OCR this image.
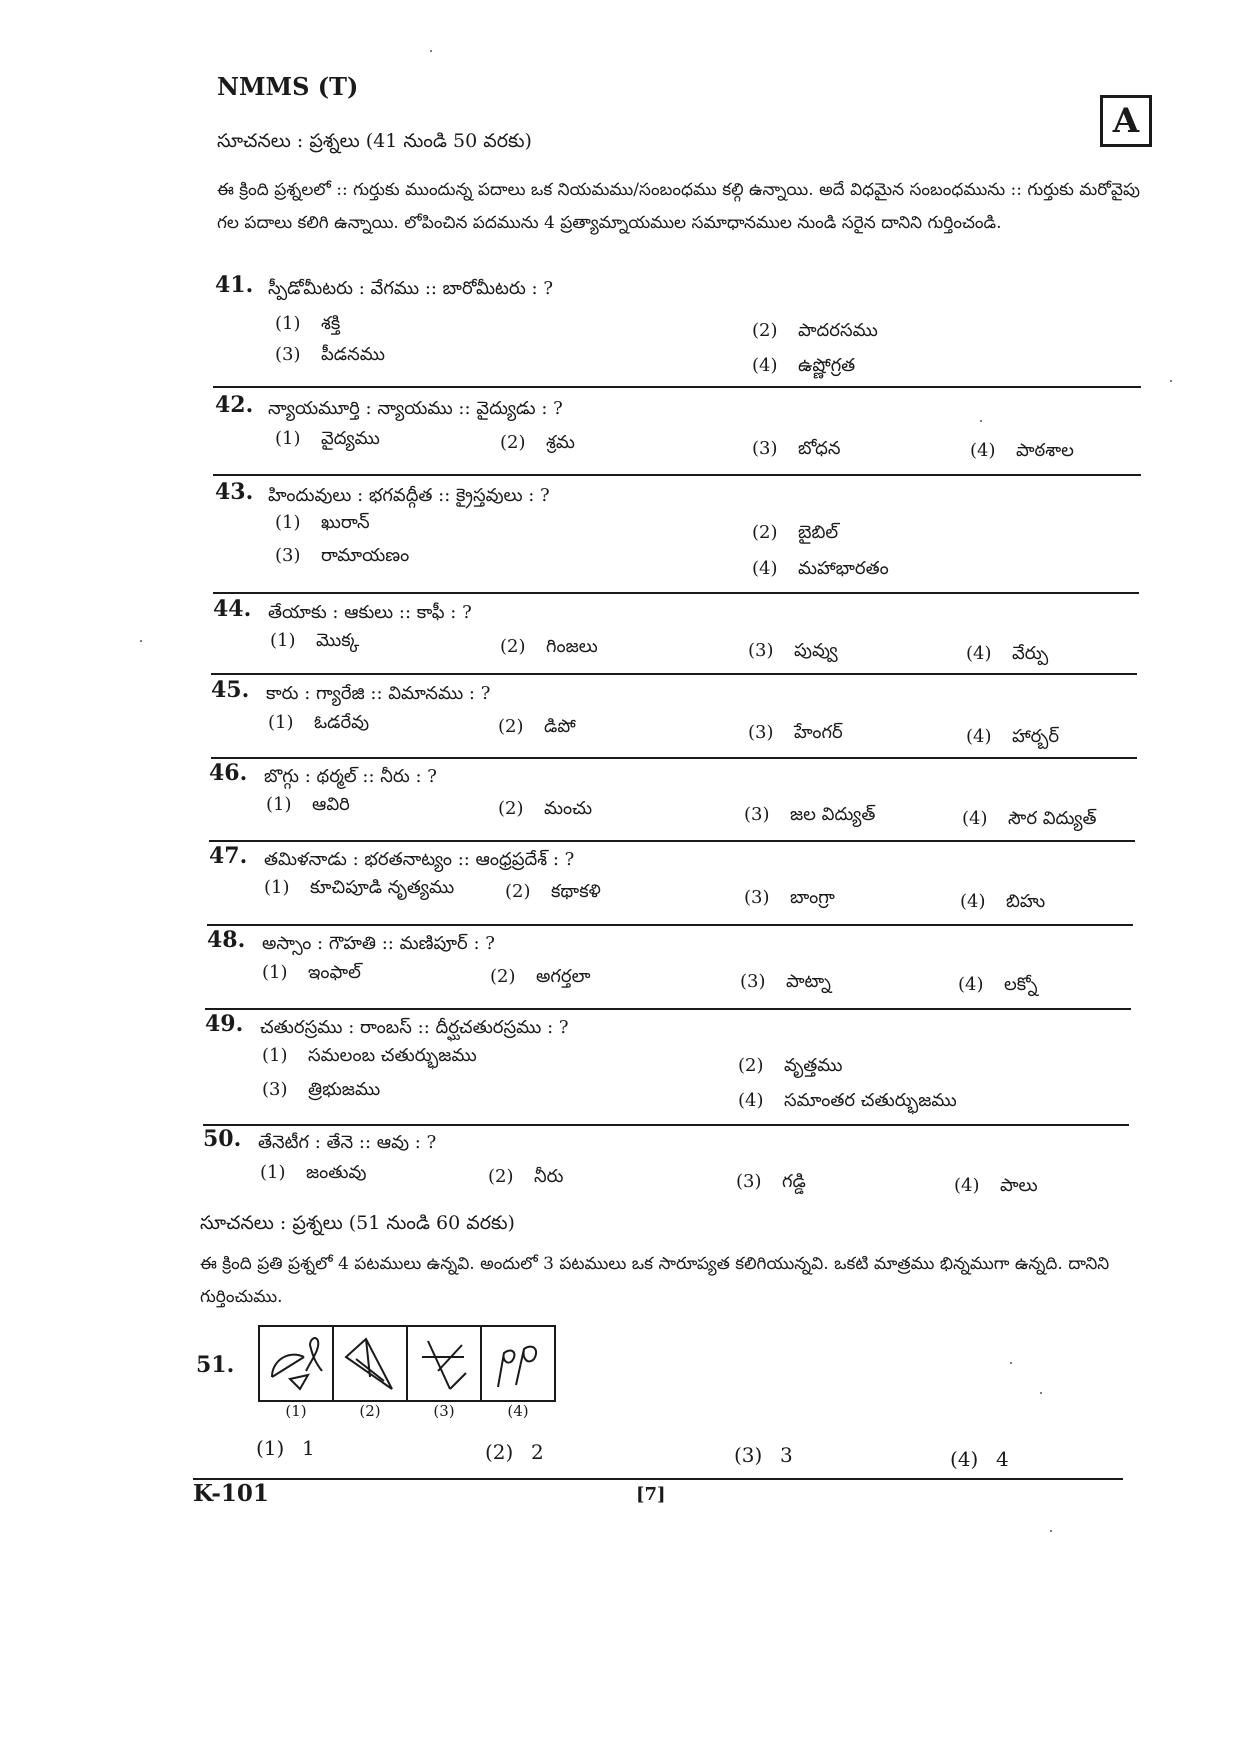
NMMS (T)
A
సూచనలు : ప్రశ్నలు (41 నుండి 50 వరకు)
ఈ క్రింది ప్రశ్నలలో :: గుర్తుకు ముందున్న పదాలు ఒక నియమము/సంబంధము కల్గి ఉన్నాయి. అదే విధమైన సంబంధమును :: గుర్తుకు మరోవైపు గల పదాలు కలిగి ఉన్నాయి. లోపించిన పదమును 4 ప్రత్యామ్నాయముల సమాధానముల నుండి సరైన దానిని గుర్తించండి.
41. స్పీడోమీటరు : వేగము :: బారోమీటరు : ?
(1) శక్తి	(2) పాదరసము
(3) పీడనము
(4) ఉష్ణోగ్రత
42. న్యాయమూర్తి : న్యాయము :: వైద్యుడు : ?
(1) వైద్యము	(2) శ్రమ	(3) బోధన	(4) పాఠశాల
43. హిందువులు : భగవద్గీత :: క్రైస్తవులు : ?
(1) ఖురాన్	(2) బైబిల్
(3) రామాయణం
(4) మహాభారతం
44. తేయాకు : ఆకులు :: కాఫీ : ?
(1) మొక్క	(2) గింజలు	(3) పువ్వు	(4) వేర్పు
45. కారు : గ్యారేజి :: విమానము : ?
(1) ఓడరేవు	(2) డిపో	(3) హేంగర్	(4) హార్బర్
46. బొగ్గు : థర్మల్ :: నీరు : ?
(1) ఆవిరి	(2) మంచు	(3) జల విద్యుత్	(4) సౌర విద్యుత్
47. తమిళనాడు : భరతనాట్యం :: ఆంధ్రప్రదేశ్ : ?
(1) కూచిపూడి నృత్యము	(2) కథాకళి	(3) బాంగ్రా	(4) బిహు
48. అస్సాం : గౌహతి :: మణిపూర్ : ?
(1) ఇంఫాల్	(2) అగర్తలా	(3) పాట్నా	(4) లక్నో
49. చతురస్రము : రాంబస్ :: దీర్ఘచతురస్రము : ?
(1) సమలంబ చతుర్భుజము	(2) వృత్తము
(3) త్రిభుజము
(4) సమాంతర చతుర్భుజము
50. తేనెటీగ : తేనె :: ఆవు : ?
(1) జంతువు	(2) నీరు	(3) గడ్డి	(4) పాలు
సూచనలు : ప్రశ్నలు (51 నుండి 60 వరకు)
ఈ క్రింది ప్రతి ప్రశ్నలో 4 పటములు ఉన్నవి. అందులో 3 పటములు ఒక సారూప్యత కలిగియున్నవి. ఒకటి మాత్రము భిన్నముగా ఉన్నది. దానిని గుర్తించుము.
51.
(1)	(2)	(3)	(4)
(1) 1	(2) 2	(3) 3	(4) 4
K-101	[7]
